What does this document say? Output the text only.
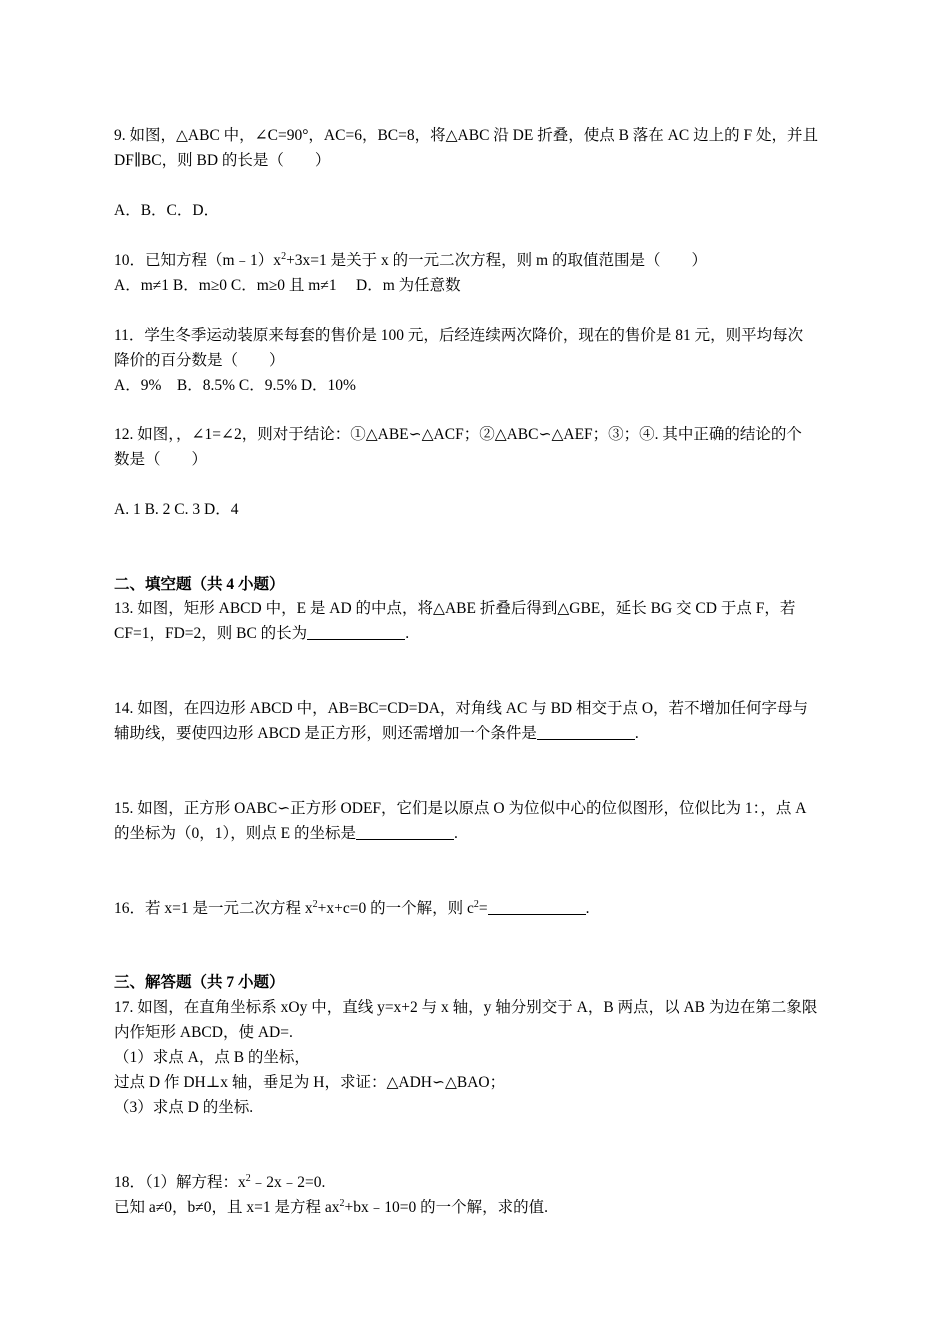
9. 如图，△ABC 中，∠C=90°，AC=6，BC=8，将△ABC 沿 DE 折叠，使点 B 落在 AC 边上的 F 处，并且
DF∥BC，则 BD 的长是（　　）
A．B．C．D．
10．已知方程$(m﹣1)x^2+3x=1$ 是关于 x 的一元二次方程，则 m 的取值范围是（　　）
A．m≠1 B．m≥0 C．m≥0 且 m≠1　 D．m 为任意数
11．学生冬季运动装原来每套的售价是 100 元，后经连续两次降价，现在的售价是 81 元，则平均每次
降价的百分数是（　　）
A．9%　B．8.5% C．9.5% D．10%
12. 如图，，∠1=∠2，则对于结论：①△ABE∽△ACF；②△ABC∽△AEF；③；④. 其中正确的结论的个
数是（　　）
A. 1 B. 2 C. 3 D．4
二、填空题（共 4 小题）
13. 如图，矩形 ABCD 中，E 是 AD 的中点，将△ABE 折叠后得到△GBE，延长 BG 交 CD 于点 F，若
CF=1，FD=2，则 BC 的长为	.
14. 如图，在四边形 ABCD 中，AB=BC=CD=DA，对角线 AC 与 BD 相交于点 O，若不增加任何字母与
辅助线，要使四边形 ABCD 是正方形，则还需增加一个条件是	.
15. 如图，正方形 OABC∽正方形 ODEF，它们是以原点 O 为位似中心的位似图形，位似比为 1：，点 A
的坐标为（0，1），则点 E 的坐标是	.
16．若 x=1 是一元二次方程 $x^2+x+c=0$ 的一个解，则 $c^2=$	.
三、解答题（共 7 小题）
17. 如图，在直角坐标系 xOy 中，直线 y=x+2 与 x 轴，y 轴分别交于 A，B 两点，以 AB 为边在第二象限
内作矩形 ABCD，使 AD=.
（1）求点 A，点 B 的坐标，
过点 D 作 DH⊥x 轴，垂足为 H，求证：△ADH∽△BAO；
（3）求点 D 的坐标.
18．（1）解方程：$x^2﹣2x﹣2=0$.
已知 a≠0，b≠0，且 x=1 是方程 $ax^2+bx﹣10=0$ 的一个解，求的值.
